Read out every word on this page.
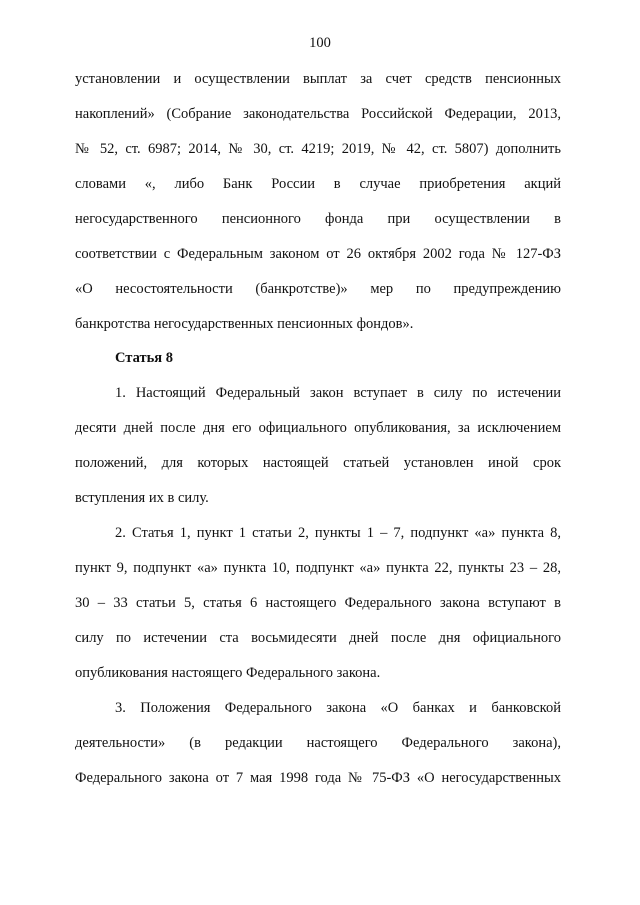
100
установлении и осуществлении выплат за счет средств пенсионных
накоплений» (Собрание законодательства Российской Федерации, 2013,
№ 52, ст. 6987; 2014, № 30, ст. 4219; 2019, № 42, ст. 5807) дополнить
словами «, либо Банк России в случае приобретения акций
негосударственного пенсионного фонда при осуществлении в
соответствии с Федеральным законом от 26 октября 2002 года № 127-ФЗ
«О несостоятельности (банкротстве)» мер по предупреждению
банкротства негосударственных пенсионных фондов».
Статья 8
1. Настоящий Федеральный закон вступает в силу по истечении
десяти дней после дня его официального опубликования, за исключением
положений, для которых настоящей статьей установлен иной срок
вступления их в силу.
2. Статья 1, пункт 1 статьи 2, пункты 1 – 7, подпункт «а» пункта 8,
пункт 9, подпункт «а» пункта 10, подпункт «а» пункта 22, пункты 23 – 28,
30 – 33 статьи 5, статья 6 настоящего Федерального закона вступают в
силу по истечении ста восьмидесяти дней после дня официального
опубликования настоящего Федерального закона.
3. Положения Федерального закона «О банках и банковской
деятельности» (в редакции настоящего Федерального закона),
Федерального закона от 7 мая 1998 года № 75-ФЗ «О негосударственных
